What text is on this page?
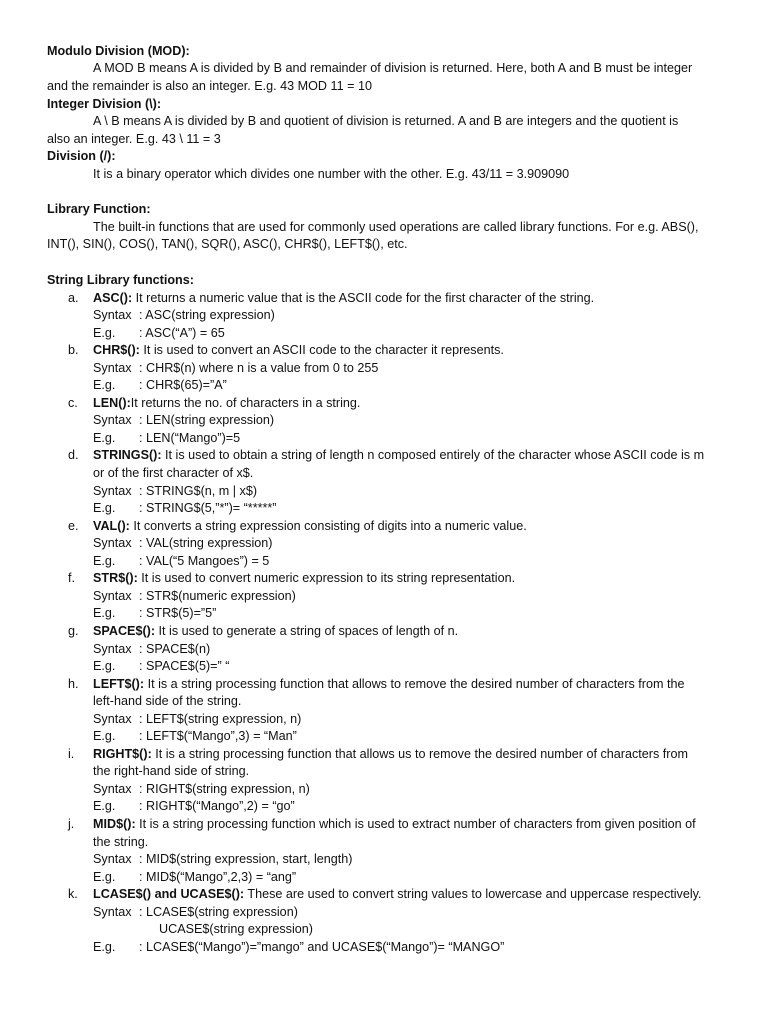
Modulo Division (MOD):
A MOD B means A is divided by B and remainder of division is returned. Here, both A and B must be integer
and the remainder is also an integer. E.g. 43 MOD 11 = 10
Integer Division (\):
A \ B means A is divided by B and quotient of division is returned. A and B are integers and the quotient is
also an integer. E.g. 43 \ 11 = 3
Division (/):
It is a binary operator which divides one number with the other. E.g. 43/11 = 3.909090
Library Function:
The built-in functions that are used for commonly used operations are called library functions. For e.g. ABS(),
INT(), SIN(), COS(), TAN(), SQR(), ASC(), CHR$(), LEFT$(), etc.
String Library functions:
a. ASC(): It returns a numeric value that is the ASCII code for the first character of the string.
Syntax : ASC(string expression)
E.g. : ASC(“A”) = 65
b. CHR$(): It is used to convert an ASCII code to the character it represents.
Syntax : CHR$(n) where n is a value from 0 to 255
E.g. : CHR$(65)=”A”
c. LEN():It returns the no. of characters in a string.
Syntax : LEN(string expression)
E.g. : LEN(“Mango”)=5
d. STRINGS(): It is used to obtain a string of length n composed entirely of the character whose ASCII code is m
or of the first character of x$.
Syntax : STRING$(n, m | x$)
E.g. : STRING$(5,”*”)= “*****”
e. VAL(): It converts a string expression consisting of digits into a numeric value.
Syntax : VAL(string expression)
E.g. : VAL(“5 Mangoes”) = 5
f. STR$(): It is used to convert numeric expression to its string representation.
Syntax : STR$(numeric expression)
E.g. : STR$(5)=”5”
g. SPACE$(): It is used to generate a string of spaces of length of n.
Syntax : SPACE$(n)
E.g. : SPACE$(5)=” “
h. LEFT$(): It is a string processing function that allows to remove the desired number of characters from the
left-hand side of the string.
Syntax : LEFT$(string expression, n)
E.g. : LEFT$(“Mango”,3) = “Man”
i. RIGHT$(): It is a string processing function that allows us to remove the desired number of characters from
the right-hand side of string.
Syntax : RIGHT$(string expression, n)
E.g. : RIGHT$(“Mango”,2) = “go”
j. MID$(): It is a string processing function which is used to extract number of characters from given position of
the string.
Syntax : MID$(string expression, start, length)
E.g. : MID$(“Mango”,2,3) = “ang”
k. LCASE$() and UCASE$(): These are used to convert string values to lowercase and uppercase respectively.
Syntax : LCASE$(string expression)
UCASE$(string expression)
E.g. : LCASE$(“Mango”)=”mango” and UCASE$(“Mango”)= “MANGO”
